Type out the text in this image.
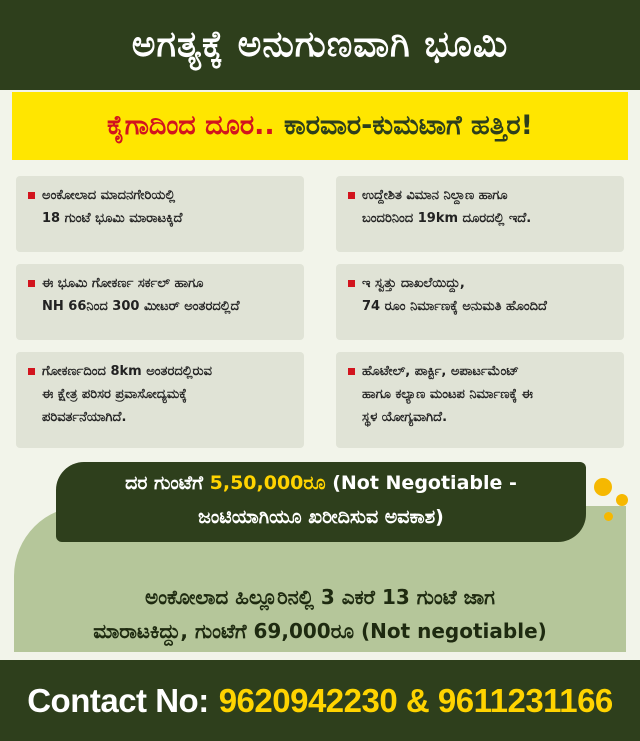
ಅಗತ್ಯಕ್ಕೆ ಅನುಗುಣವಾಗಿ ಭೂಮಿ
ಕೈಗಾದಿಂದ ದೂರ.. ಕಾರವಾರ-ಕುಮಟಾಗೆ ಹತ್ತಿರ!
ಅಂಕೋಲಾದ ಮಾದನಗೇರಿಯಲ್ಲಿ
18 ಗುಂಟೆ ಭೂಮಿ ಮಾರಾಟಕ್ಕಿದೆ
ಉದ್ದೇಶಿತ ವಿಮಾನ ನಿಲ್ದಾಣ ಹಾಗೂ
ಬಂದರಿನಿಂದ 19km ದೂರದಲ್ಲಿ ಇದೆ.
ಈ ಭೂಮಿ ಗೋಕರ್ಣ ಸರ್ಕಲ್ ಹಾಗೂ
NH 66ನಿಂದ 300 ಮೀಟರ್ ಅಂತರದಲ್ಲಿದೆ
ಇ ಸ್ವತ್ತು ದಾಖಲೆಯಿದ್ದು,
74 ರೂಂ ನಿರ್ಮಾಣಕ್ಕೆ ಅನುಮತಿ ಹೊಂದಿದೆ
ಗೋಕರ್ಣದಿಂದ 8km ಅಂತರದಲ್ಲಿರುವ
ಈ ಕ್ಷೇತ್ರ ಪರಿಸರ ಪ್ರವಾಸೋದ್ಯಮಕ್ಕೆ
ಪರಿವರ್ತನೆಯಾಗಿದೆ.
ಹೊಟೇಲ್, ಪಾರ್ಕ್ಟಿ, ಅಪಾರ್ಟಮೆಂಟ್
ಹಾಗೂ ಕಲ್ಯಾಣ ಮಂಟಪ ನಿರ್ಮಾಣಕ್ಕೆ ಈ
ಸ್ಥಳ ಯೋಗ್ಯವಾಗಿದೆ.
ಅಂಕೋಲಾದ ಹಿಲ್ಲೂರಿನಲ್ಲಿ 3 ಎಕರೆ 13 ಗುಂಟೆ ಜಾಗ
ಮಾರಾಟಕಿದ್ದು, ಗುಂಟೆಗೆ 69,000ರೂ (Not negotiable)
ದರ ಗುಂಟೆಗೆ 5,50,000ರೂ (Not Negotiable -
ಜಂಟಿಯಾಗಿಯೂ ಖರೀದಿಸುವ ಅವಕಾಶ)
Contact No: 9620942230 & 9611231166
